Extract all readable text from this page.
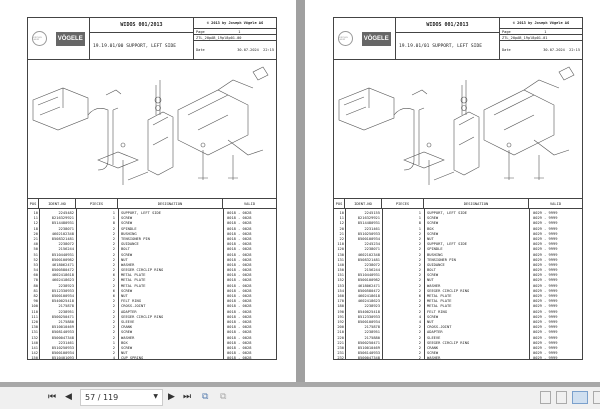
WIRTGEN GROUP	VÖGELE
WIDOS 001/2013
19.19.01/00 SUPPORT, LEFT SIDE
© 2013 by Joseph Vögele AG
Page	1
ZTL_20pAB_19pl8p01-00
Date	30.07.2024 22:15
POS	IDENT-NO	PIECES	DESIGNATION	VALID
10	2245482	1	SUPPORT, LEFT SIDE	0018 - 0028
11	8216329921	1	SCREW	0018 - 0028
12	8514480931	8	SCREW	0018 - 0028
18	2238071	2	SPINDLE	0018 - 0028
20	4602102348	2	BUSHING	0018 - 0028
21	8508321481	2	TENSIONER PIN	0018 - 0028
40	2238072	2	GUIDANCE	0018 - 0028
50	2156244	2	BOLT	0018 - 0028
51	8510440931	2	SCREW	0018 - 0028
52	8500100982	2	NUT	0018 - 0028
53	4618062471	2	WASHER	0018 - 0028
54	8500580472	2	SEEGER CIRCLIP RING	0018 - 0028
60	4602418618	6	METAL PLATE	0018 - 0028
70	4602418623	2	METAL PLATE	0018 - 0028
80	2238923	2	METAL PLATE	0018 - 0028
81	8512330933	6	SCREW	0018 - 0028
82	8500100934	6	NUT	0018 - 0028
90	8540025418	2	FELT RING	0018 - 0028
100	2175878	2	CROSS-JOINT	0018 - 0028
110	2238951	2	ADAPTER	0018 - 0028
111	8500250471	2	SEEGER CIRCLIP RING	0018 - 0028
120	2175880	2	SLEEVE	0018 - 0028
130	8510010469	2	CRANK	0018 - 0028
131	8508140933	2	SCREW	0018 - 0028
132	8500047348	2	WASHER	0018 - 0028
140	2231461	1	BOX	0018 - 0028
141	8510250933	2	SCREW	0018 - 0028
142	8500100934	2	NUT	0018 - 0028
150	8510401093	4	CUP SPRING	0018 - 0028
WIRTGEN GROUP	VÖGELE
WIDOS 001/2013
19.19.01/01 SUPPORT, LEFT SIDE
© 2013 by Joseph Vögele AG
Page	1
ZTL_20pAB_19pl8p01-01
Date	30.07.2024 22:15
POS	IDENT-NO	PIECES	DESIGNATION	VALID
10	2245155	1	SUPPORT, LEFT SIDE	0029 - 9999
11	8216329921	1	SCREW	0029 - 9999
12	8514480931	8	SCREW	0029 - 9999
20	2231461	1	BOX	0029 - 9999
21	8510250933	2	SCREW	0029 - 9999
22	8500100934	2	NUT	0029 - 9999
110	2245234	2	SUPPORT, LEFT SIDE	0029 - 9999
120	2238071	2	SPINDLE	0029 - 9999
130	4602102348	2	BUSHING	0029 - 9999
131	8508321481	2	TENSIONER PIN	0029 - 9999
140	2238072	2	GUIDANCE	0029 - 9999
150	2156244	2	BOLT	0029 - 9999
151	8510440931	2	SCREW	0029 - 9999
152	8500100982	2	NUT	0029 - 9999
153	4618062471	2	WASHER	0029 - 9999
154	8500580472	2	SEEGER CIRCLIP RING	0029 - 9999
160	4602418618	6	METAL PLATE	0029 - 9999
170	4602418623	2	METAL PLATE	0029 - 9999
180	2238923	2	METAL PLATE	0029 - 9999
190	8540025418	2	FELT RING	0029 - 9999
191	8512330933	4	SCREW	0029 - 9999
192	8500100934	4	NUT	0029 - 9999
200	2175878	2	CROSS-JOINT	0029 - 9999
210	2238951	2	ADAPTER	0029 - 9999
220	2175880	2	SLEEVE	0029 - 9999
221	8500250471	2	SEEGER CIRCLIP RING	0029 - 9999
230	8510010469	2	CRANK	0029 - 9999
231	8506140933	2	SCREW	0029 - 9999
232	8500047348	2	WASHER	0029 - 9999
⏮ ◀	57 / 119	▼ ▶ ⏭ ⧉ ⧉
